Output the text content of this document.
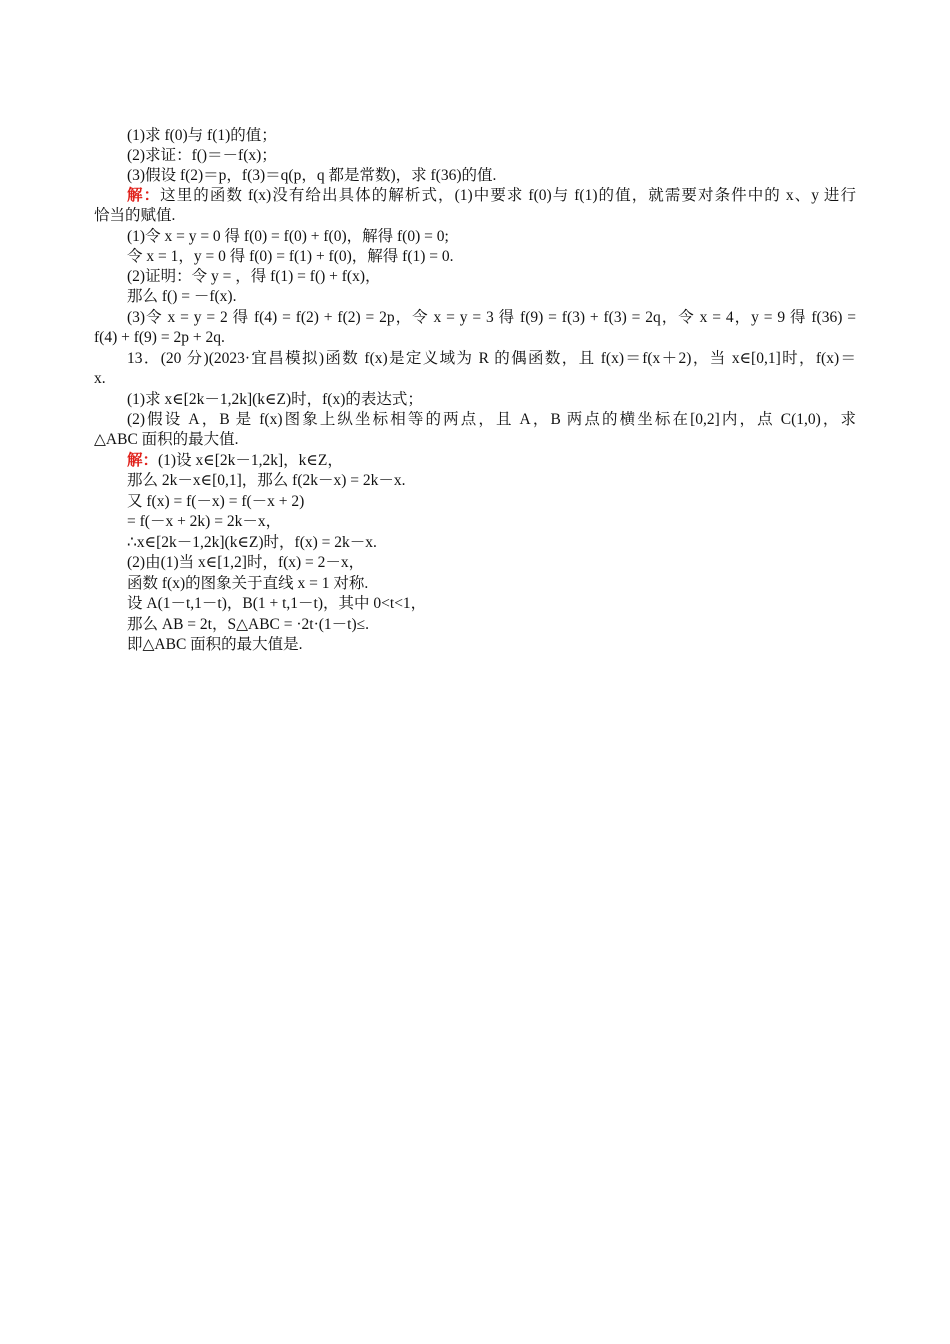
(1)求 f(0)与 f(1)的值；
(2)求证：f()＝－f(x)；
(3)假设 f(2)＝p，f(3)＝q(p，q 都是常数)，求 f(36)的值.
解：这里的函数 f(x)没有给出具体的解析式，(1)中要求 f(0)与 f(1)的值，就需要对条件中的 x、y 进行
恰当的赋值.
(1)令 x = y = 0 得 f(0) = f(0) + f(0)，解得 f(0) = 0;
令 x = 1，y = 0 得 f(0) = f(1) + f(0)，解得 f(1) = 0.
(2)证明：令 y = ，得 f(1) = f() + f(x)，
那么 f() = －f(x).
(3)令 x = y = 2 得 f(4) = f(2) + f(2) = 2p，令 x = y = 3 得 f(9) = f(3) + f(3) = 2q，令 x = 4，y = 9 得 f(36) =
f(4) + f(9) = 2p + 2q.
13．(20 分)(2023·宜昌模拟)函数 f(x)是定义域为 R 的偶函数，且 f(x)＝f(x＋2)，当 x∈[0,1]时，f(x)＝
x.
(1)求 x∈[2k－1,2k](k∈Z)时，f(x)的表达式；
(2)假设 A，B 是 f(x)图象上纵坐标相等的两点，且 A，B 两点的横坐标在[0,2]内，点 C(1,0)，求
△ABC 面积的最大值.
解：(1)设 x∈[2k－1,2k]，k∈Z，
那么 2k－x∈[0,1]，那么 f(2k－x) = 2k－x.
又 f(x) = f(－x) = f(－x + 2)
= f(－x + 2k) = 2k－x，
∴x∈[2k－1,2k](k∈Z)时，f(x) = 2k－x.
(2)由(1)当 x∈[1,2]时，f(x) = 2－x，
函数 f(x)的图象关于直线 x = 1 对称.
设 A(1－t,1－t)，B(1 + t,1－t)，其中 0<t<1，
那么 AB = 2t，S△ABC = ·2t·(1－t)≤.
即△ABC 面积的最大值是.
